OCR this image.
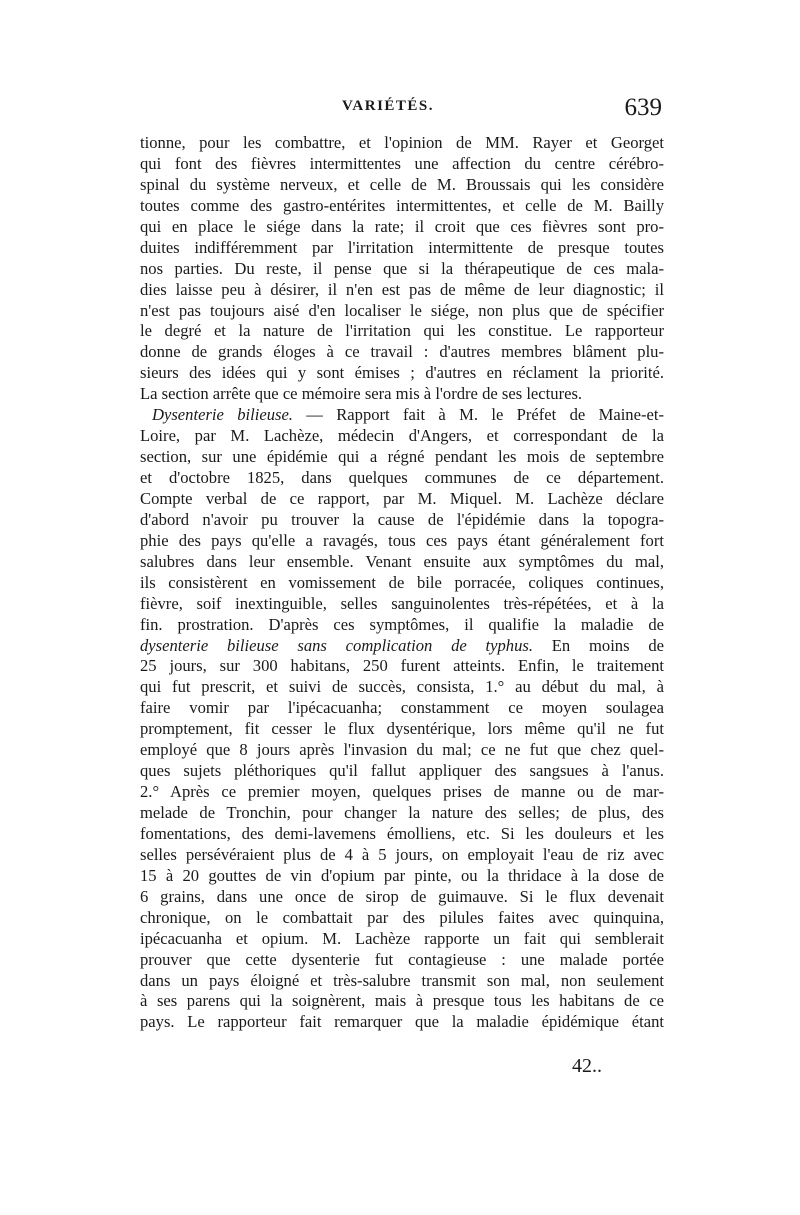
VARIÉTÉS.	639
tionne, pour les combattre, et l'opinion de MM. Rayer et Georget
qui font des fièvres intermittentes une affection du centre cérébro-
spinal du système nerveux, et celle de M. Broussais qui les considère
toutes comme des gastro-entérites intermittentes, et celle de M. Bailly
qui en place le siége dans la rate; il croit que ces fièvres sont pro-
duites indifféremment par l'irritation intermittente de presque toutes
nos parties. Du reste, il pense que si la thérapeutique de ces mala-
dies laisse peu à désirer, il n'en est pas de même de leur diagnostic; il
n'est pas toujours aisé d'en localiser le siége, non plus que de spécifier
le degré et la nature de l'irritation qui les constitue. Le rapporteur
donne de grands éloges à ce travail : d'autres membres blâment plu-
sieurs des idées qui y sont émises ; d'autres en réclament la priorité.
La section arrête que ce mémoire sera mis à l'ordre de ses lectures.
Dysenterie bilieuse. — Rapport fait à M. le Préfet de Maine-et-
Loire, par M. Lachèze, médecin d'Angers, et correspondant de la
section, sur une épidémie qui a régné pendant les mois de septembre
et d'octobre 1825, dans quelques communes de ce département.
Compte verbal de ce rapport, par M. Miquel. M. Lachèze déclare
d'abord n'avoir pu trouver la cause de l'épidémie dans la topogra-
phie des pays qu'elle a ravagés, tous ces pays étant généralement fort
salubres dans leur ensemble. Venant ensuite aux symptômes du mal,
ils consistèrent en vomissement de bile porracée, coliques continues,
fièvre, soif inextinguible, selles sanguinolentes très-répétées, et à la
fin. prostration. D'après ces symptômes, il qualifie la maladie de
dysenterie bilieuse sans complication de typhus. En moins de
25 jours, sur 300 habitans, 250 furent atteints. Enfin, le traitement
qui fut prescrit, et suivi de succès, consista, 1.° au début du mal, à
faire vomir par l'ipécacuanha; constamment ce moyen soulagea
promptement, fit cesser le flux dysentérique, lors même qu'il ne fut
employé que 8 jours après l'invasion du mal; ce ne fut que chez quel-
ques sujets pléthoriques qu'il fallut appliquer des sangsues à l'anus.
2.° Après ce premier moyen, quelques prises de manne ou de mar-
melade de Tronchin, pour changer la nature des selles; de plus, des
fomentations, des demi-lavemens émolliens, etc. Si les douleurs et les
selles persévéraient plus de 4 à 5 jours, on employait l'eau de riz avec
15 à 20 gouttes de vin d'opium par pinte, ou la thridace à la dose de
6 grains, dans une once de sirop de guimauve. Si le flux devenait
chronique, on le combattait par des pilules faites avec quinquina,
ipécacuanha et opium. M. Lachèze rapporte un fait qui semblerait
prouver que cette dysenterie fut contagieuse : une malade portée
dans un pays éloigné et très-salubre transmit son mal, non seulement
à ses parens qui la soignèrent, mais à presque tous les habitans de ce
pays. Le rapporteur fait remarquer que la maladie épidémique étant
42..
